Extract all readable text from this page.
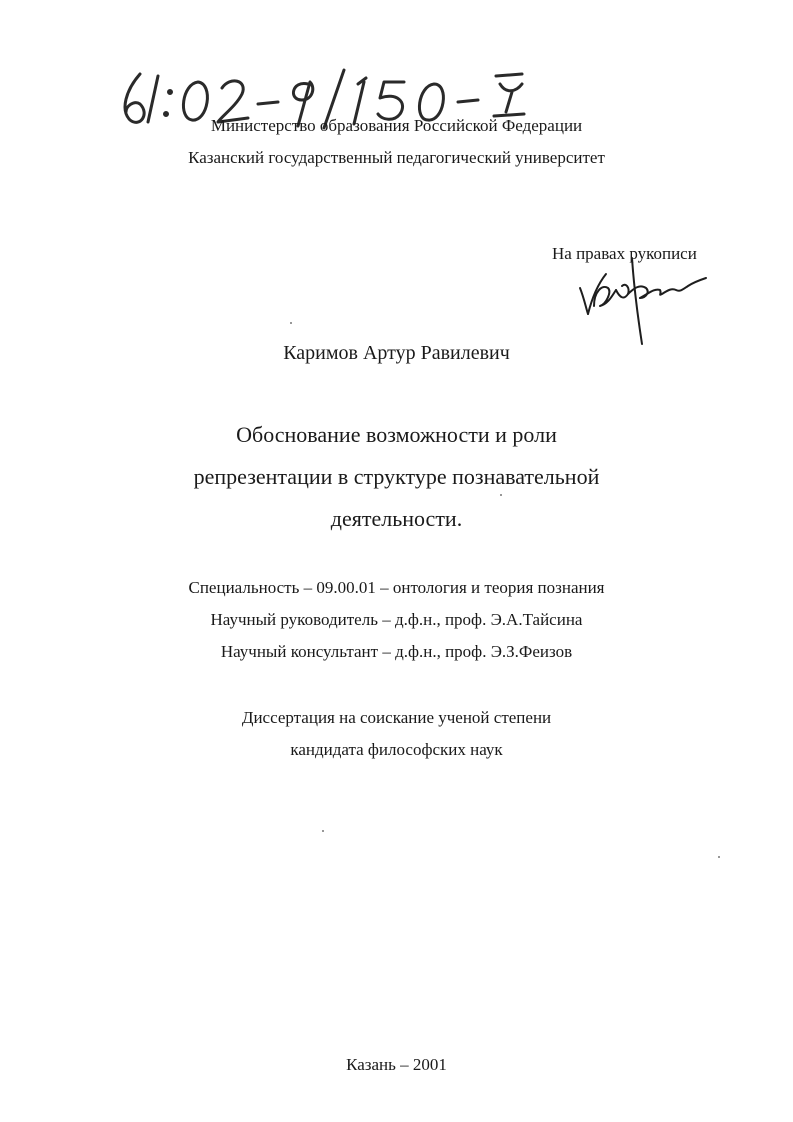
Министерство образования Российской Федерации
Казанский государственный педагогический университет
На правах рукописи
Каримов Артур Равилевич
Обоснование возможности и роли
репрезентации в структуре познавательной
деятельности.
Специальность – 09.00.01 – онтология и теория познания
Научный руководитель – д.ф.н., проф. Э.А.Тайсина
Научный консультант – д.ф.н., проф. Э.З.Феизов
Диссертация на соискание ученой степени
кандидата философских наук
Казань – 2001
